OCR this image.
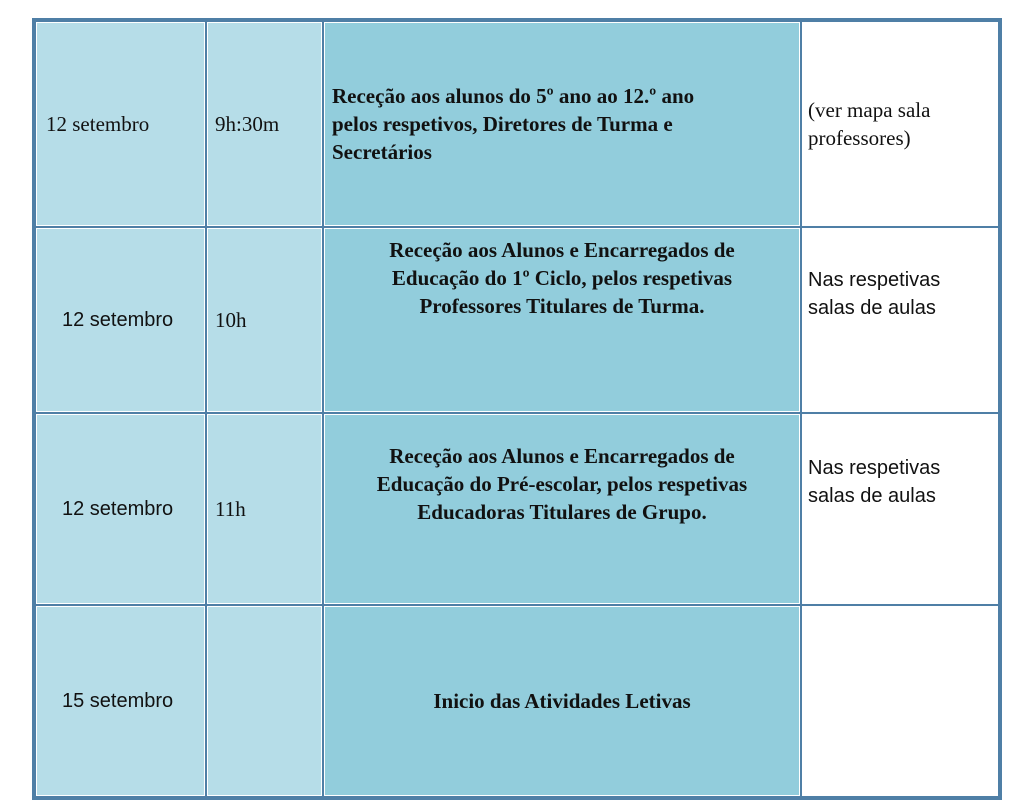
12 setembro	9h:30m	Receção aos alunos do 5º ano ao 12.º ano
pelos respetivos, Diretores de Turma e
Secretários	(ver mapa sala
professores)

12 setembro	10h	Receção aos Alunos e Encarregados de
Educação do 1º Ciclo, pelos respetivas
Professores Titulares de Turma.	Nas respetivas
salas de aulas

12 setembro	11h	Receção aos Alunos e Encarregados de
Educação do Pré-escolar, pelos respetivas
Educadoras Titulares de Grupo.	Nas respetivas
salas de aulas

15 setembro		Inicio das Atividades Letivas	
